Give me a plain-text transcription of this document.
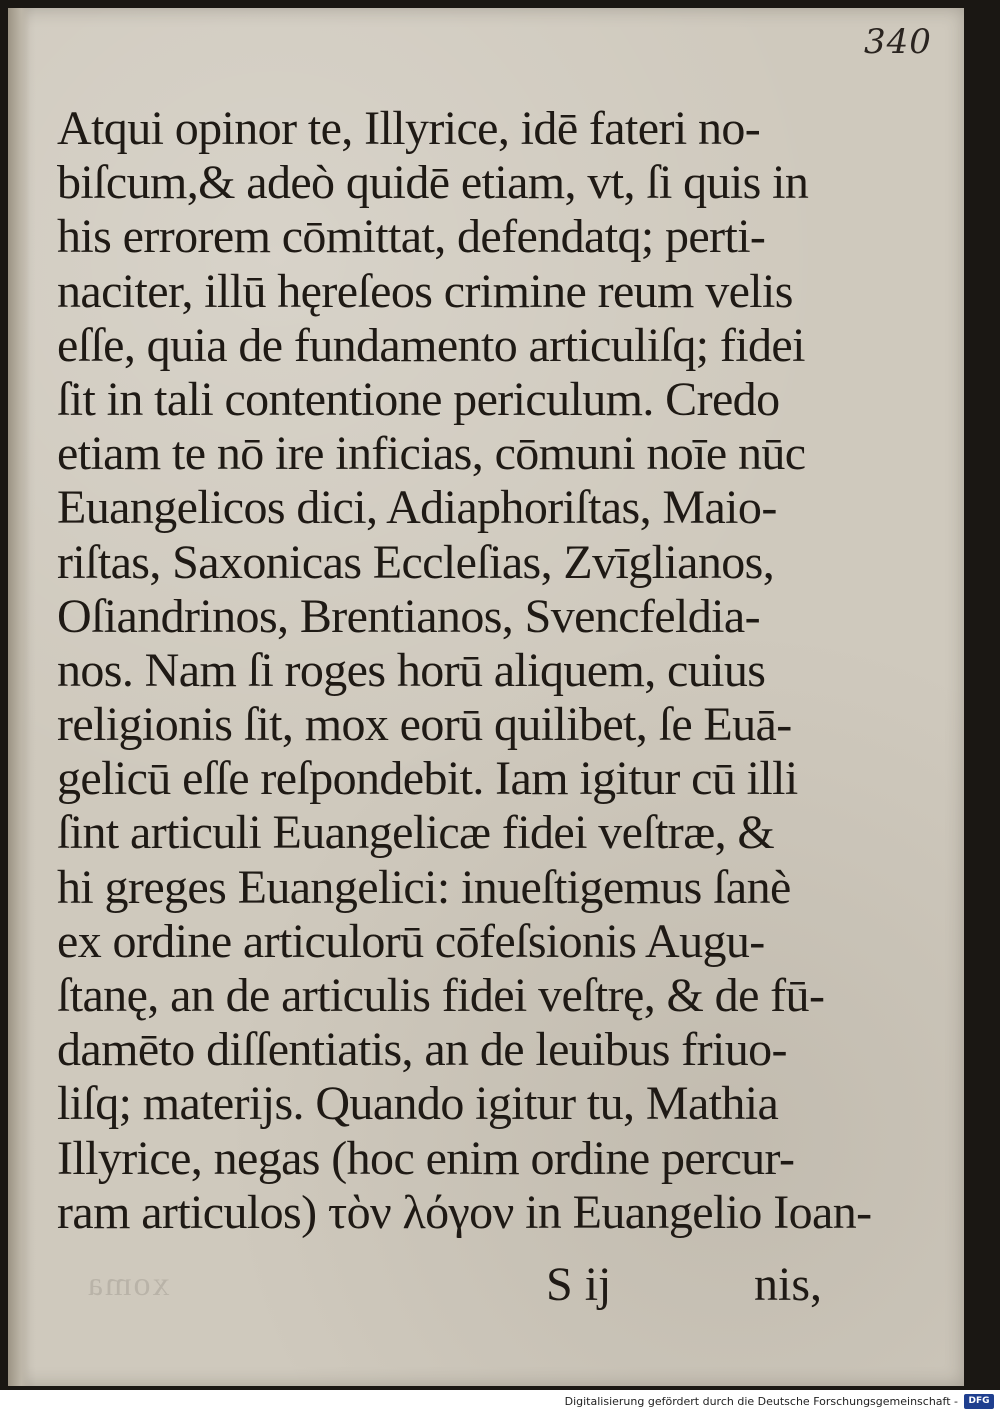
340
Atqui opinor te, Illyrice, idē fateri no-
biſcum,& adeò quidē etiam, vt, ſi quis in
his errorem cōmittat, defendatq; perti-
naciter, illū hęreſeos crimine reum velis
eſſe, quia de fundamento articuliſq; fidei
ſit in tali contentione periculum. Credo
etiam te nō ire inficias, cōmuni noīe nūc
Euangelicos dici, Adiaphoriſtas, Maio-
riſtas, Saxonicas Eccleſias, Zvīglianos,
Oſiandrinos, Brentianos, Svencfeldia-
nos. Nam ſi roges horū aliquem, cuius
religionis ſit, mox eorū quilibet, ſe Euā-
gelicū eſſe reſpondebit. Iam igitur cū illi
ſint articuli Euangelicæ fidei veſtræ, &
hi greges Euangelici: inueſtigemus ſanè
ex ordine articulorū cōfeſsionis Augu-
ſtanę, an de articulis fidei veſtrę, & de fū-
damēto diſſentiatis, an de leuibus friuo-
liſq; materijs. Quando igitur tu, Mathia
Illyrice, negas (hoc enim ordine percur-
ram articulos) τὸν λόγον in Euangelio Ioan-
xoma	S ij	nis,
Digitalisierung gefördert durch die Deutsche Forschungsgemeinschaft -	DFG
